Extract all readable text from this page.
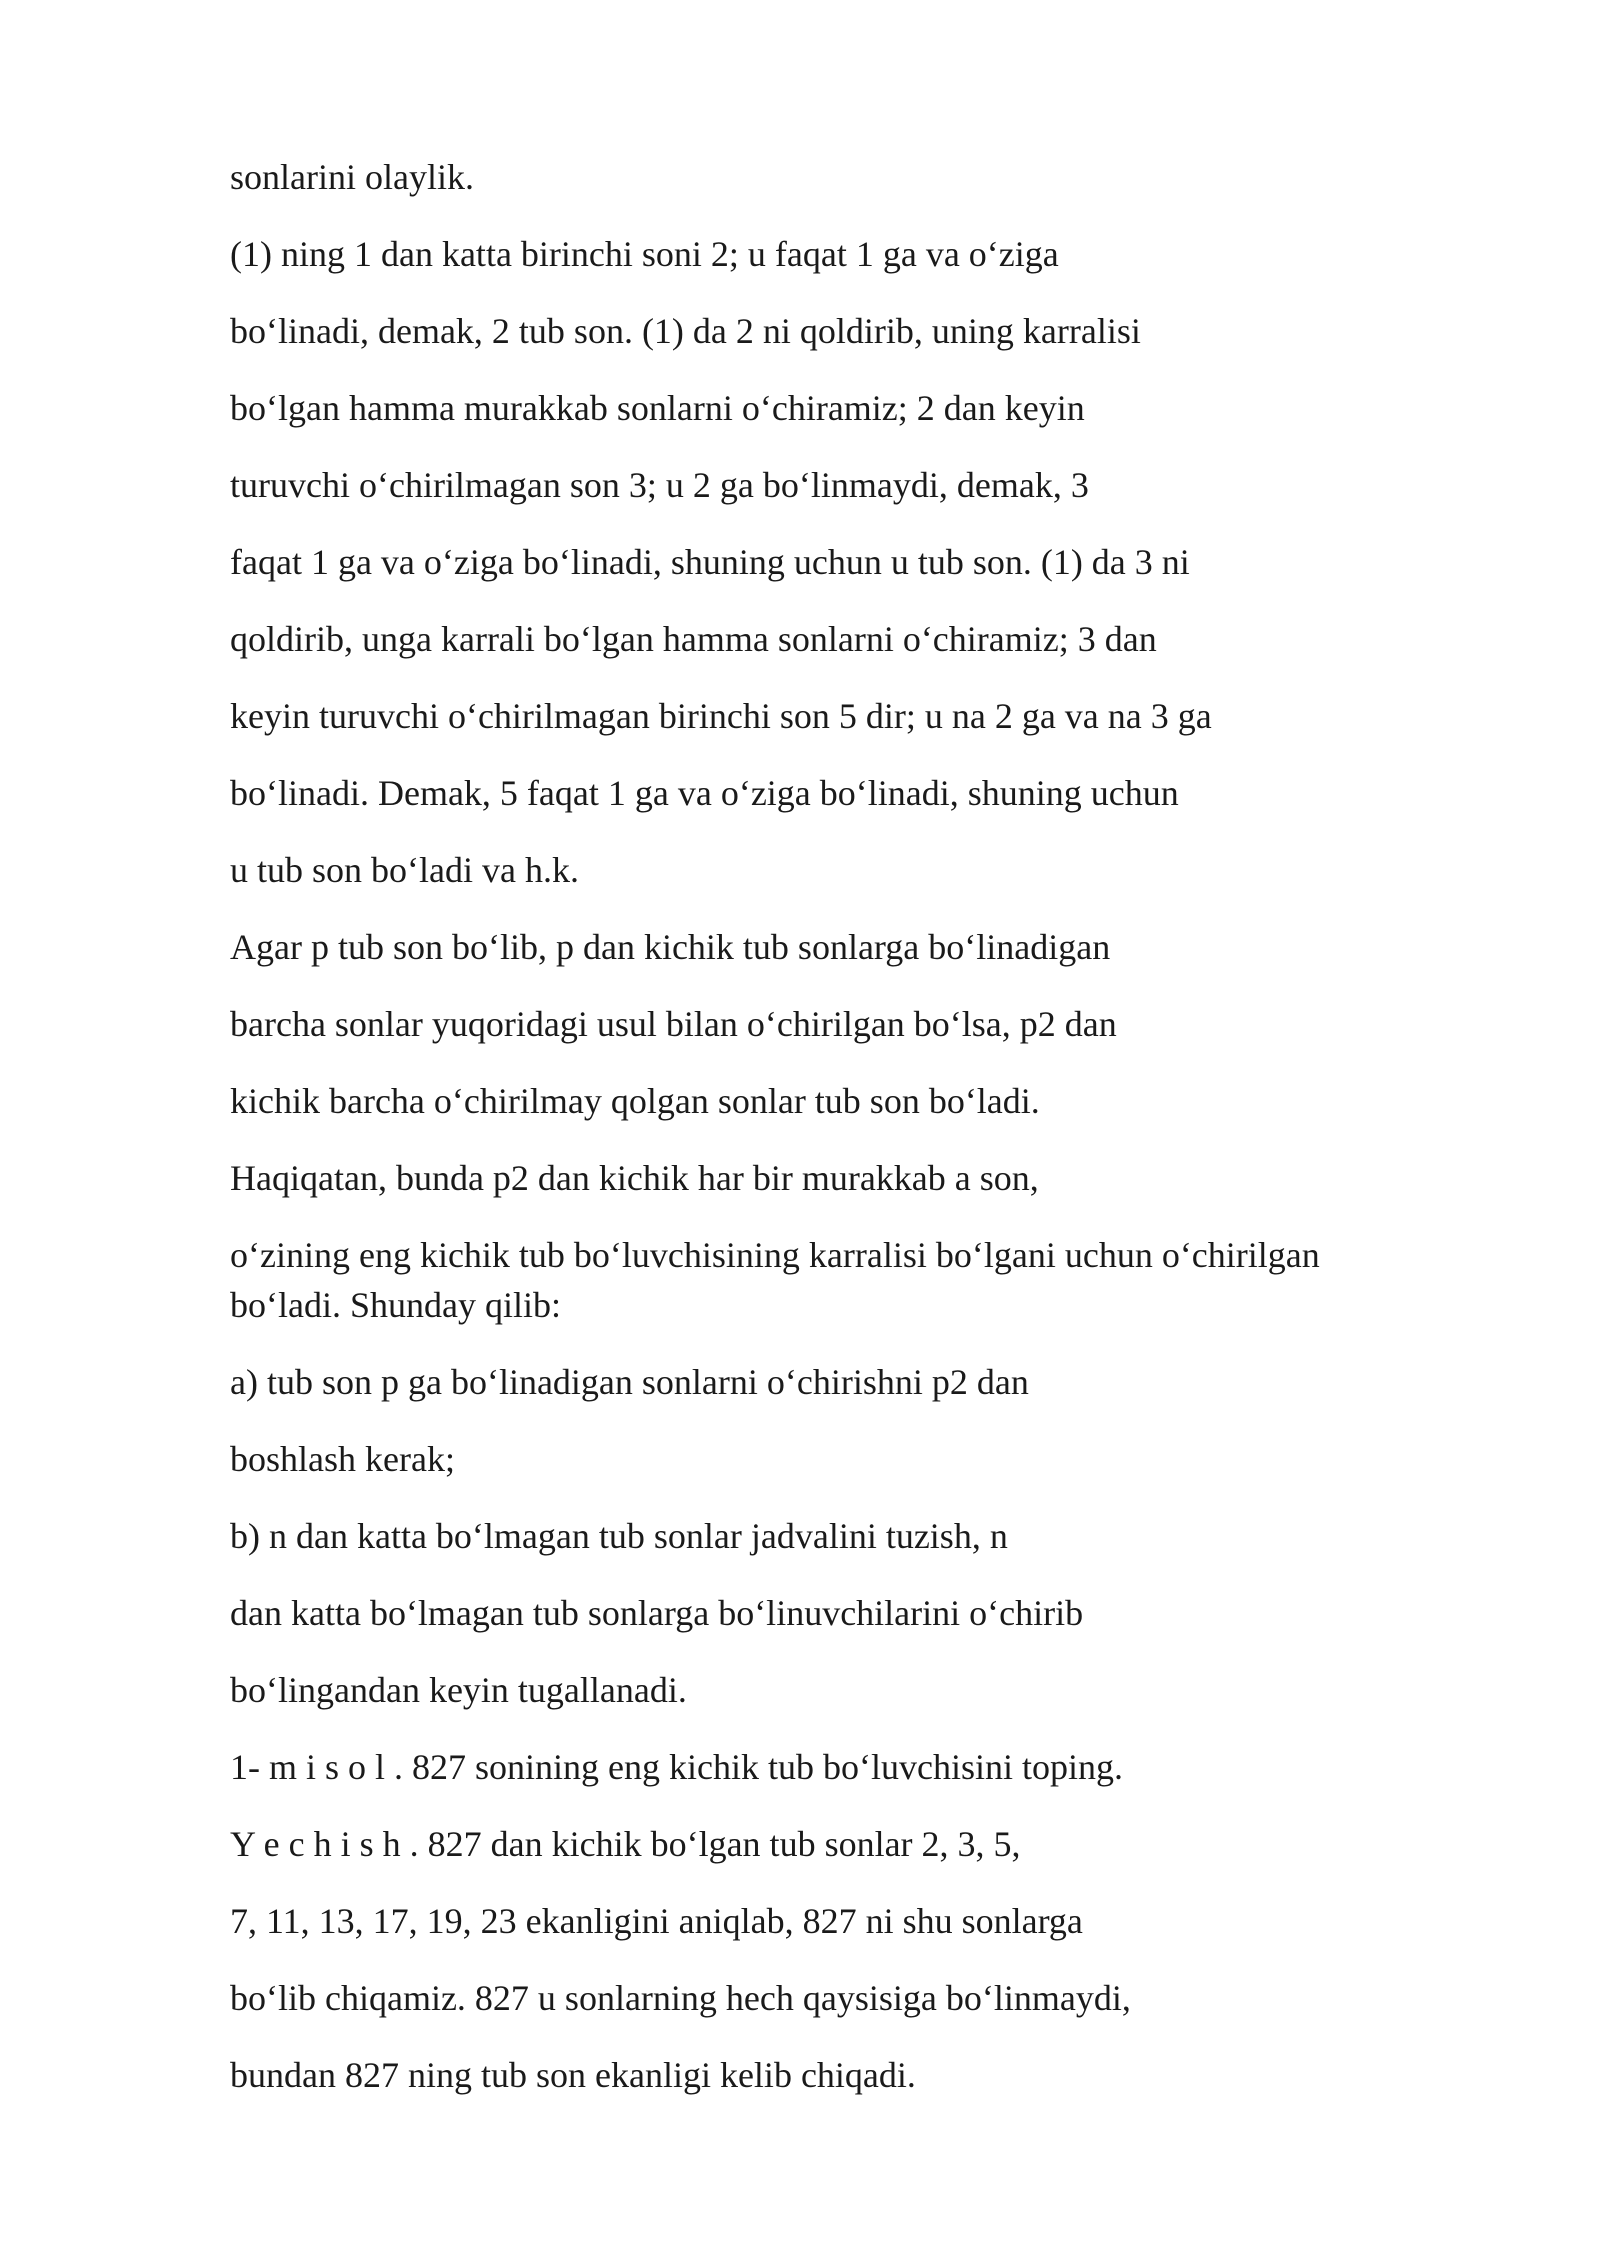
sonlarini olaylik.

(1) ning 1 dan katta birinchi soni 2; u faqat 1 ga va o‘ziga

bo‘linadi, demak, 2 tub son. (1) da 2 ni qoldirib, uning karralisi

bo‘lgan hamma murakkab sonlarni o‘chiramiz; 2 dan keyin

turuvchi o‘chirilmagan son 3; u 2 ga bo‘linmaydi, demak, 3

faqat 1 ga va o‘ziga bo‘linadi, shuning uchun u tub son. (1) da 3 ni

qoldirib, unga karrali bo‘lgan hamma sonlarni o‘chiramiz; 3 dan

keyin turuvchi o‘chirilmagan birinchi son 5 dir; u na 2 ga va na 3 ga

bo‘linadi. Demak, 5 faqat 1 ga va o‘ziga bo‘linadi, shuning uchun

u tub son bo‘ladi va h.k.

Agar p tub son bo‘lib, p dan kichik tub sonlarga bo‘linadigan

barcha sonlar yuqoridagi usul bilan o‘chirilgan bo‘lsa, p2 dan

kichik barcha o‘chirilmay qolgan sonlar tub son bo‘ladi.

Haqiqatan, bunda p2 dan kichik har bir murakkab a son,

o‘zining eng kichik tub bo‘luvchisining karralisi bo‘lgani uchun o‘chirilgan

bo‘ladi. Shunday qilib:

a) tub son p ga bo‘linadigan sonlarni o‘chirishni p2 dan

boshlash kerak;

b) n dan katta bo‘lmagan tub sonlar jadvalini tuzish, n

dan katta bo‘lmagan tub sonlarga bo‘linuvchilarini o‘chirib

bo‘lingandan keyin tugallanadi.

1- m i s o l . 827 sonining eng kichik tub bo‘luvchisini toping.

Y e c h i s h . 827 dan kichik bo‘lgan tub sonlar 2, 3, 5,

7, 11, 13, 17, 19, 23 ekanligini aniqlab, 827 ni shu sonlarga

bo‘lib chiqamiz. 827 u sonlarning hech qaysisiga bo‘linmaydi,

bundan 827 ning tub son ekanligi kelib chiqadi.
